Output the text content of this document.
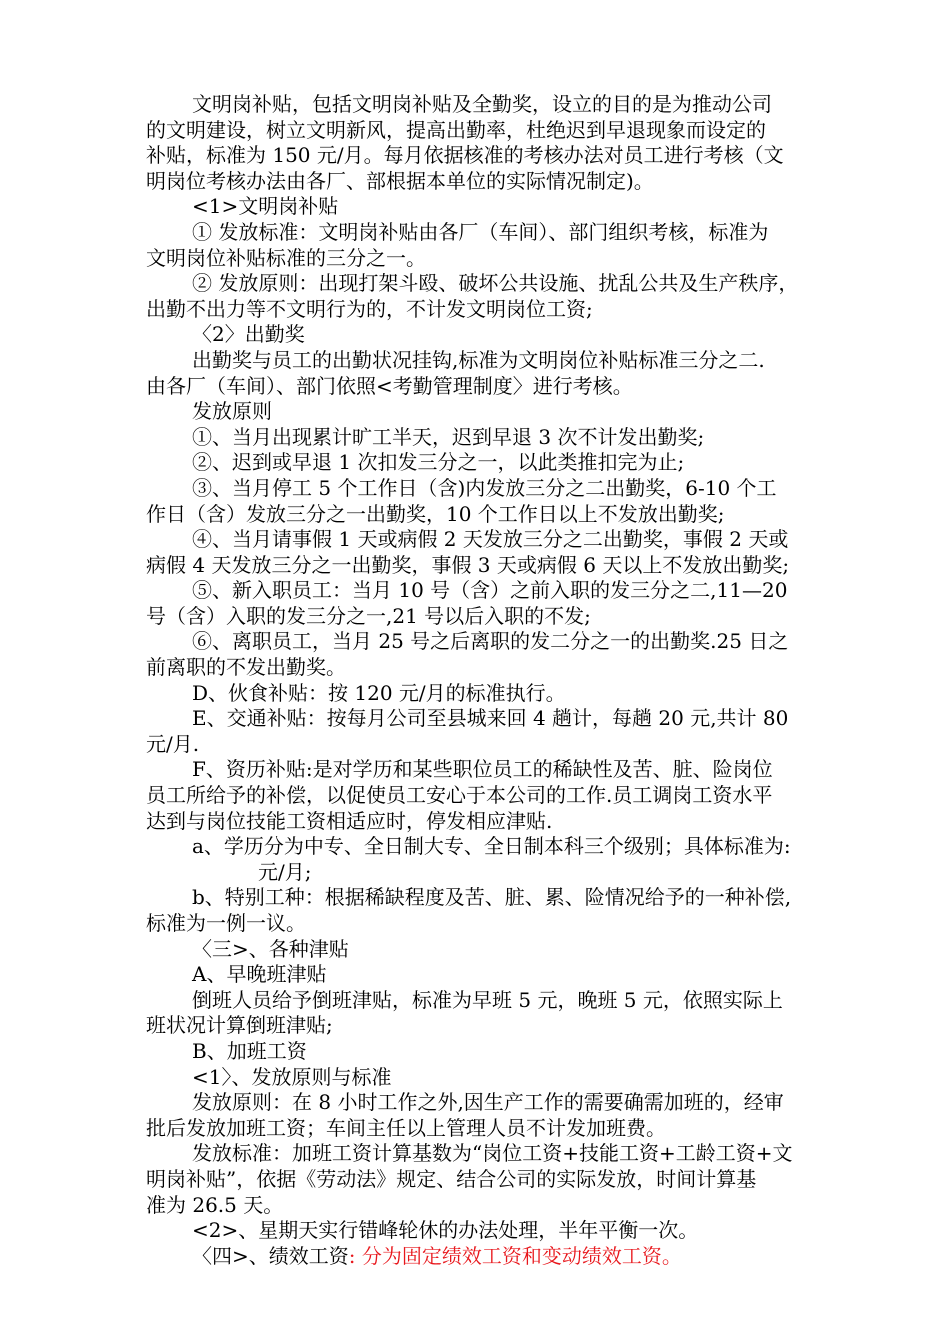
文明岗补贴，包括文明岗补贴及全勤奖，设立的目的是为推动公司
的文明建设，树立文明新风，提高出勤率，杜绝迟到早退现象而设定的
补贴，标准为 150 元/月。每月依据核准的考核办法对员工进行考核（文
明岗位考核办法由各厂、部根据本单位的实际情况制定)。
<1>文明岗补贴
① 发放标准：文明岗补贴由各厂（车间）、部门组织考核，标准为
文明岗位补贴标准的三分之一。
② 发放原则：出现打架斗殴、破坏公共设施、扰乱公共及生产秩序，
出勤不出力等不文明行为的，不计发文明岗位工资;
〈2〉出勤奖
出勤奖与员工的出勤状况挂钩,标准为文明岗位补贴标准三分之二.
由各厂（车间）、部门依照<考勤管理制度〉进行考核。
发放原则
①、当月出现累计旷工半天，迟到早退 3 次不计发出勤奖;
②、迟到或早退 1 次扣发三分之一，以此类推扣完为止;
③、当月停工 5 个工作日（含)内发放三分之二出勤奖，6-10 个工
作日（含）发放三分之一出勤奖，10 个工作日以上不发放出勤奖;
④、当月请事假 1 天或病假 2 天发放三分之二出勤奖，事假 2 天或
病假 4 天发放三分之一出勤奖，事假 3 天或病假 6 天以上不发放出勤奖;
⑤、新入职员工：当月 10 号（含）之前入职的发三分之二,11—20
号（含）入职的发三分之一,21 号以后入职的不发;
⑥、离职员工，当月 25 号之后离职的发二分之一的出勤奖.25 日之
前离职的不发出勤奖。
D、伙食补贴：按 120 元/月的标准执行。
E、交通补贴：按每月公司至县城来回 4 趟计，每趟 20 元,共计 80
元/月.
F、资历补贴:是对学历和某些职位员工的稀缺性及苦、脏、险岗位
员工所给予的补偿，以促使员工安心于本公司的工作.员工调岗工资水平
达到与岗位技能工资相适应时，停发相应津贴.
a、学历分为中专、全日制大专、全日制本科三个级别；具体标准为:
元/月;
b、特别工种：根据稀缺程度及苦、脏、累、险情况给予的一种补偿,
标准为一例一议。
〈三>、各种津贴
A、早晚班津贴
倒班人员给予倒班津贴，标准为早班 5 元，晚班 5 元，依照实际上
班状况计算倒班津贴;
B、加班工资
<1〉、发放原则与标准
发放原则：在 8 小时工作之外,因生产工作的需要确需加班的，经审
批后发放加班工资；车间主任以上管理人员不计发加班费。
发放标准：加班工资计算基数为“岗位工资+技能工资+工龄工资+文
明岗补贴”，依据《劳动法》规定、结合公司的实际发放，时间计算基
准为 26.5 天。
<2>、星期天实行错峰轮休的办法处理，半年平衡一次。
〈四>、绩效工资: 分为固定绩效工资和变动绩效工资。
